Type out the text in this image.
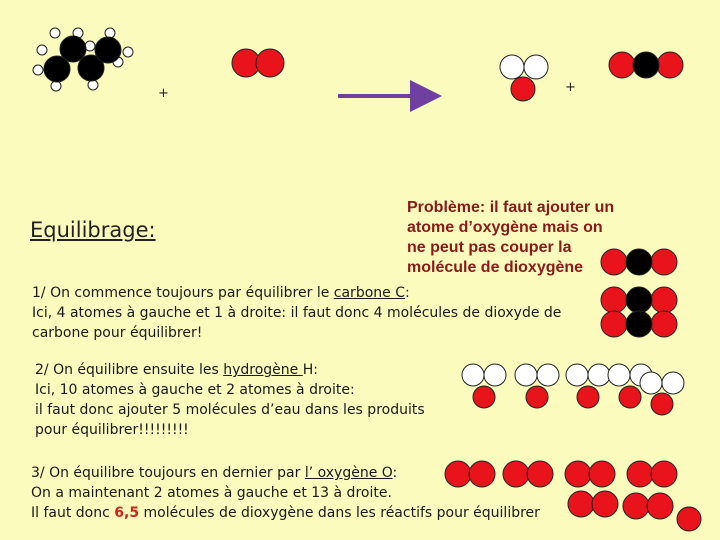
+	+
Equilibrage:
Problème: il faut ajouter un
atome d’oxygène mais on
ne peut pas couper la
molécule de dioxygène
1/ On commence toujours par équilibrer le carbone C:
Ici, 4 atomes à gauche et 1 à droite: il faut donc 4 molécules de dioxyde de
carbone pour équilibrer!
2/ On équilibre ensuite les hydrogène H:
Ici, 10 atomes à gauche et 2 atomes à droite:
il faut donc ajouter 5 molécules d’eau dans les produits
pour équilibrer!!!!!!!!!
3/ On équilibre toujours en dernier par l’ oxygène O:
On a maintenant 2 atomes à gauche et 13 à droite.
Il faut donc 6,5 molécules de dioxygène dans les réactifs pour équilibrer
